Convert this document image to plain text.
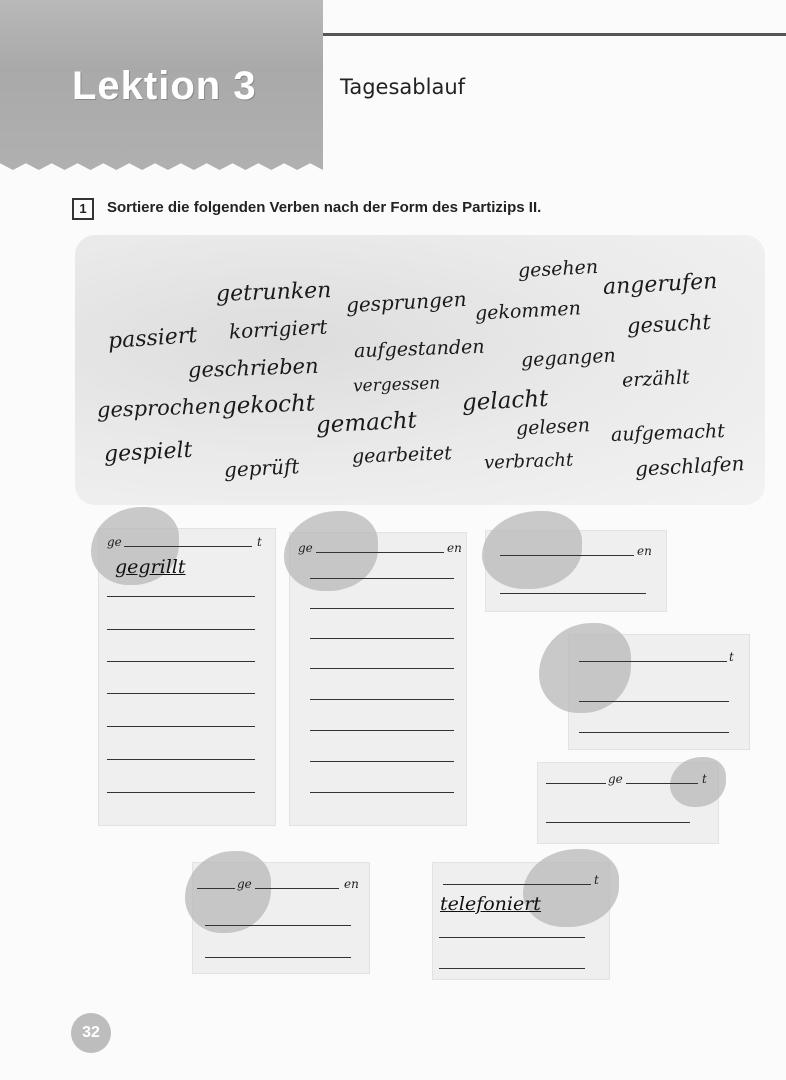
Lektion 3	Tagesablauf
1	Sortiere die folgenden Verben nach der Form des Partizips II.
gesehen
angerufen
getrunken gesprungen gekommen gesucht
passiert korrigiert
aufgestanden gegangen
geschrieben	erzählt
vergessen
gesprochen gekocht	gelacht
gemacht	gelesen aufgemacht
gespielt	gearbeitet verbracht
geprüft	geschlafen
ge	t
gegrillt
ge	en	en
t
ge	t
ge	en	t
telefoniert
32
